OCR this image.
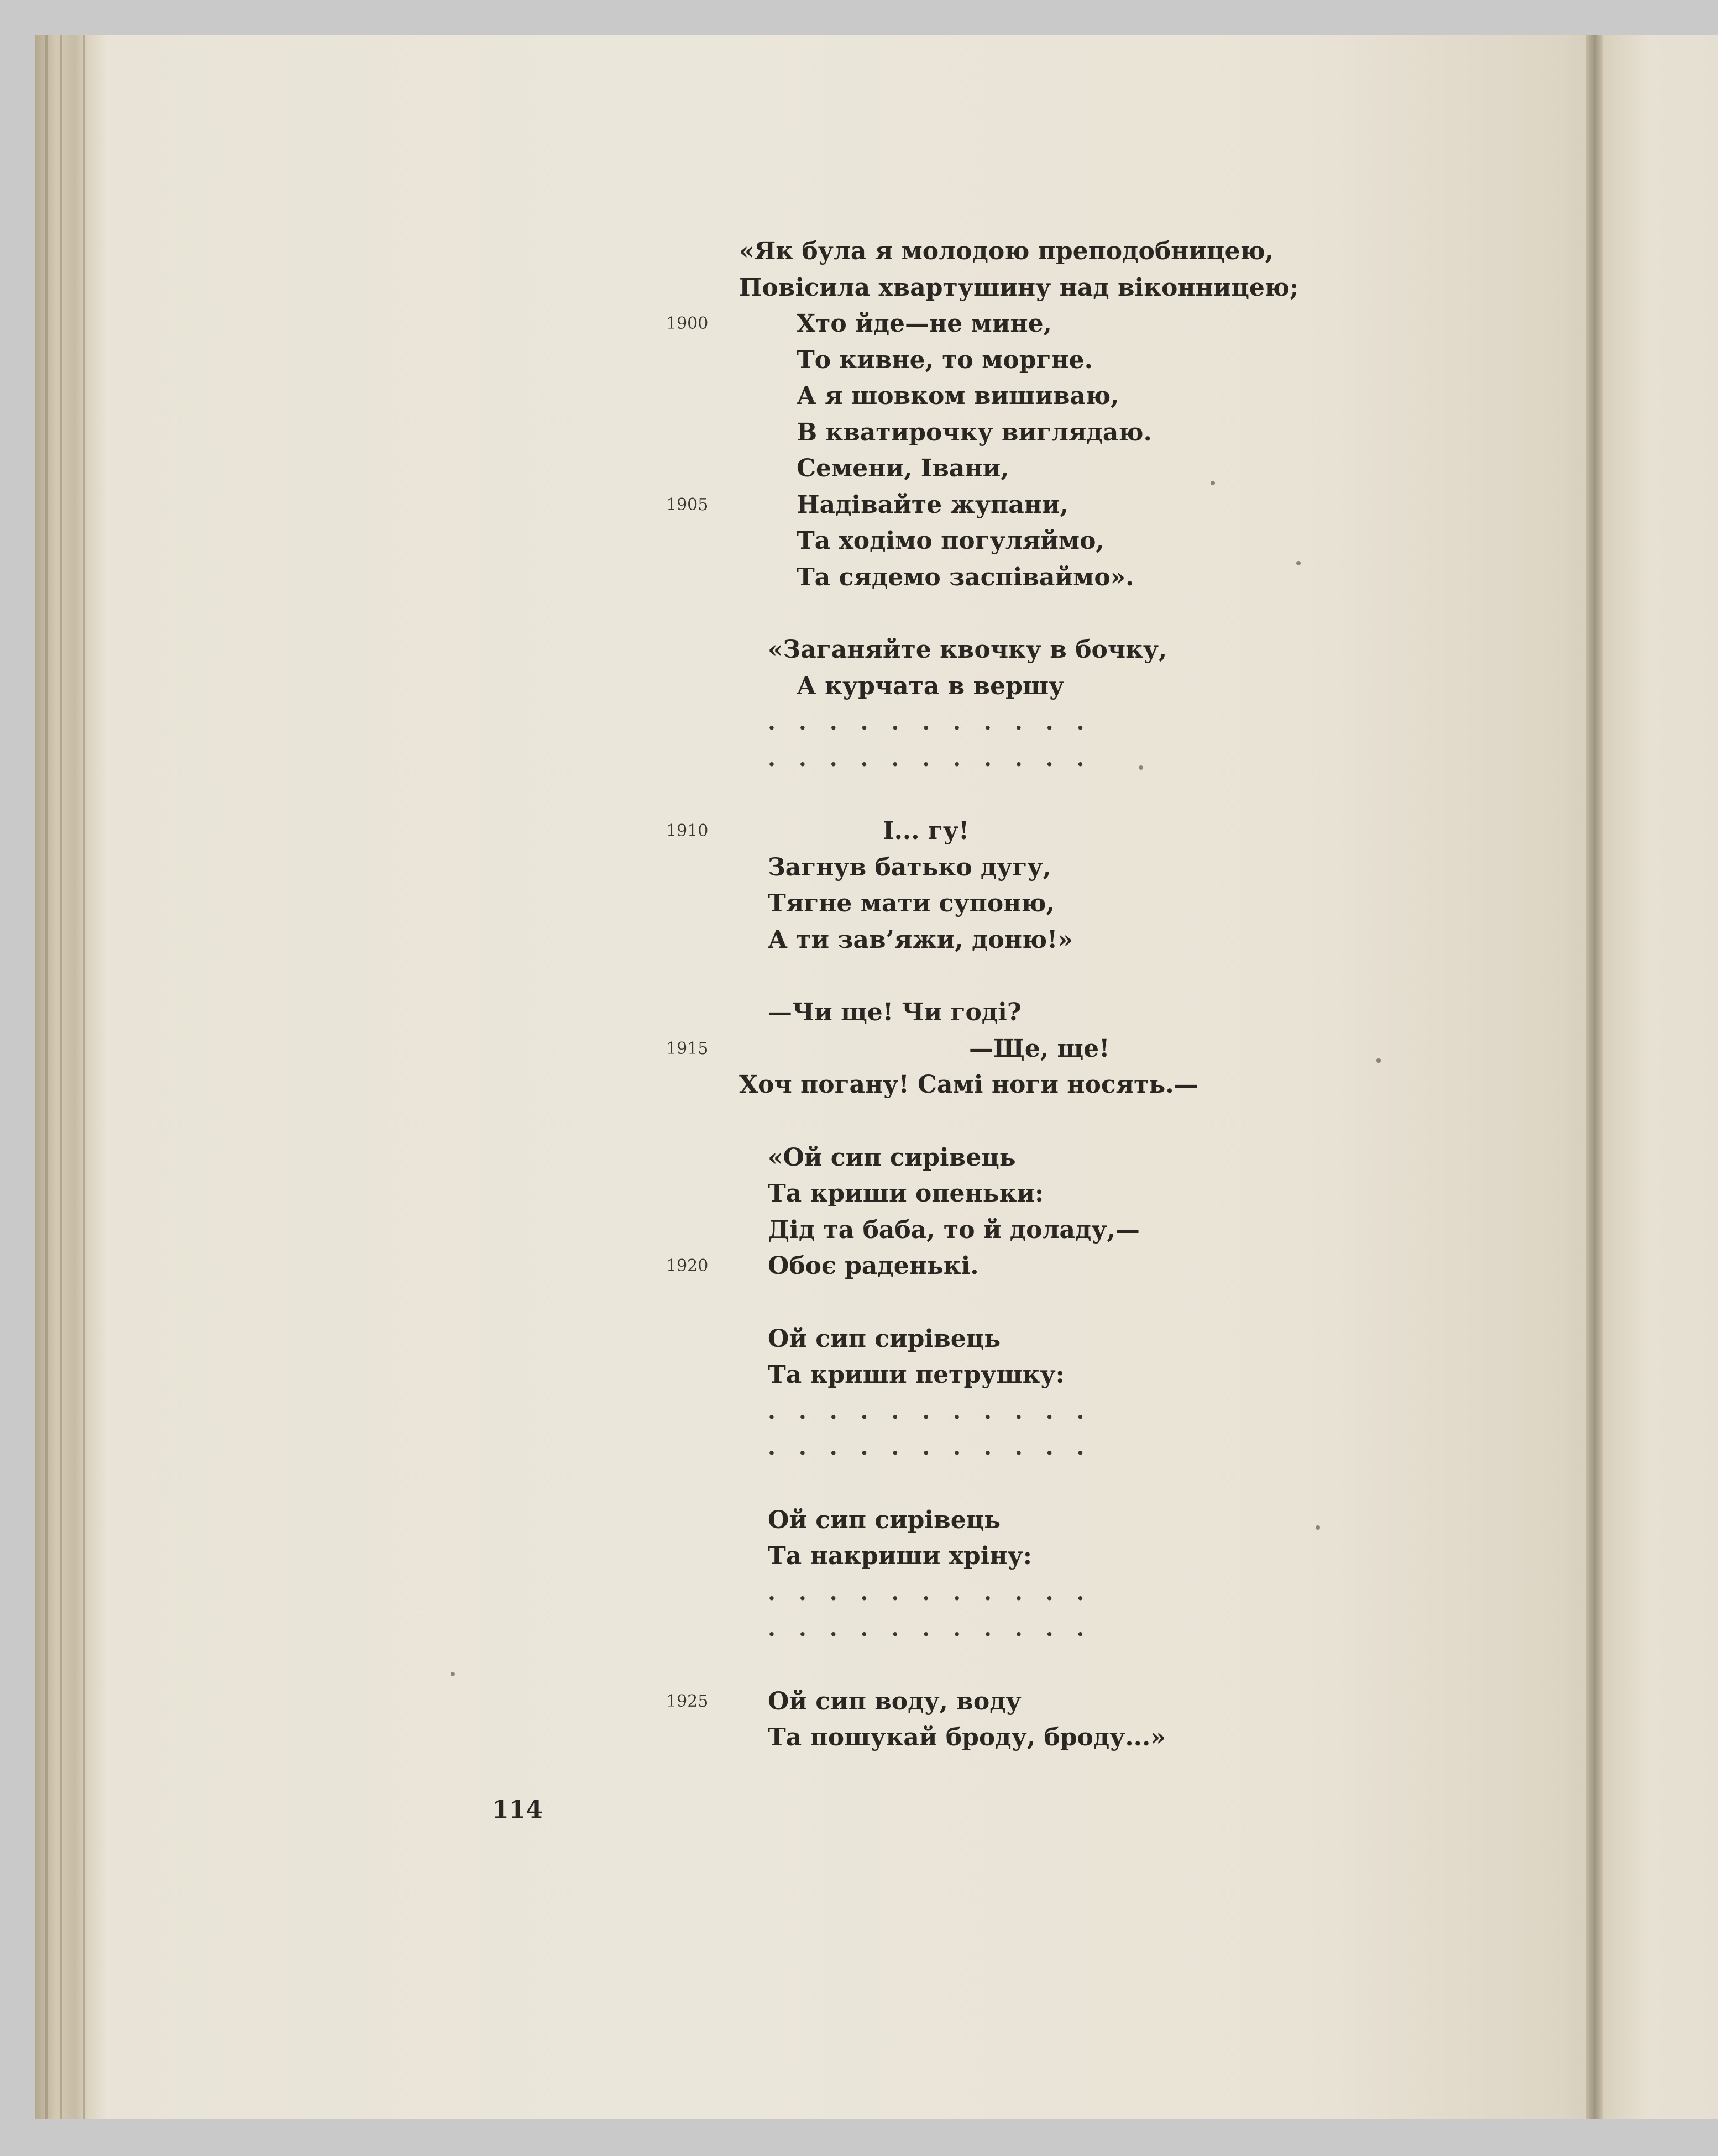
«Як була я молодою преподобницею,

Повісила хвартушину над віконницею;

Хто йде—не мине,

1900

То кивне, то моргне.

А я шовком вишиваю,

В кватирочку виглядаю.

Семени, Івани,

Надівайте жупани,

1905

Та ходімо погуляймо,

Та сядемо заспіваймо».

«Заганяйте квочку в бочку,

А курчата в вершу

. . . . . . . . . . .

. . . . . . . . . . .

І... гу!

1910

Загнув батько дугу,

Тягне мати супоню,

А ти зав’яжи, доню!»

—Чи ще! Чи годі?

—Ще, ще!

1915

Хоч погану! Самі ноги носять.—

«Ой сип сирівець

Та криши опеньки:

Дід та баба, то й доладу,—

Обоє раденькі.

1920

Ой сип сирівець

Та криши петрушку:

. . . . . . . . . . .

. . . . . . . . . . .

Ой сип сирівець

Та накриши хріну:

. . . . . . . . . . .

. . . . . . . . . . .

Ой сип воду, воду

1925

Та пошукай броду, броду...»

114
